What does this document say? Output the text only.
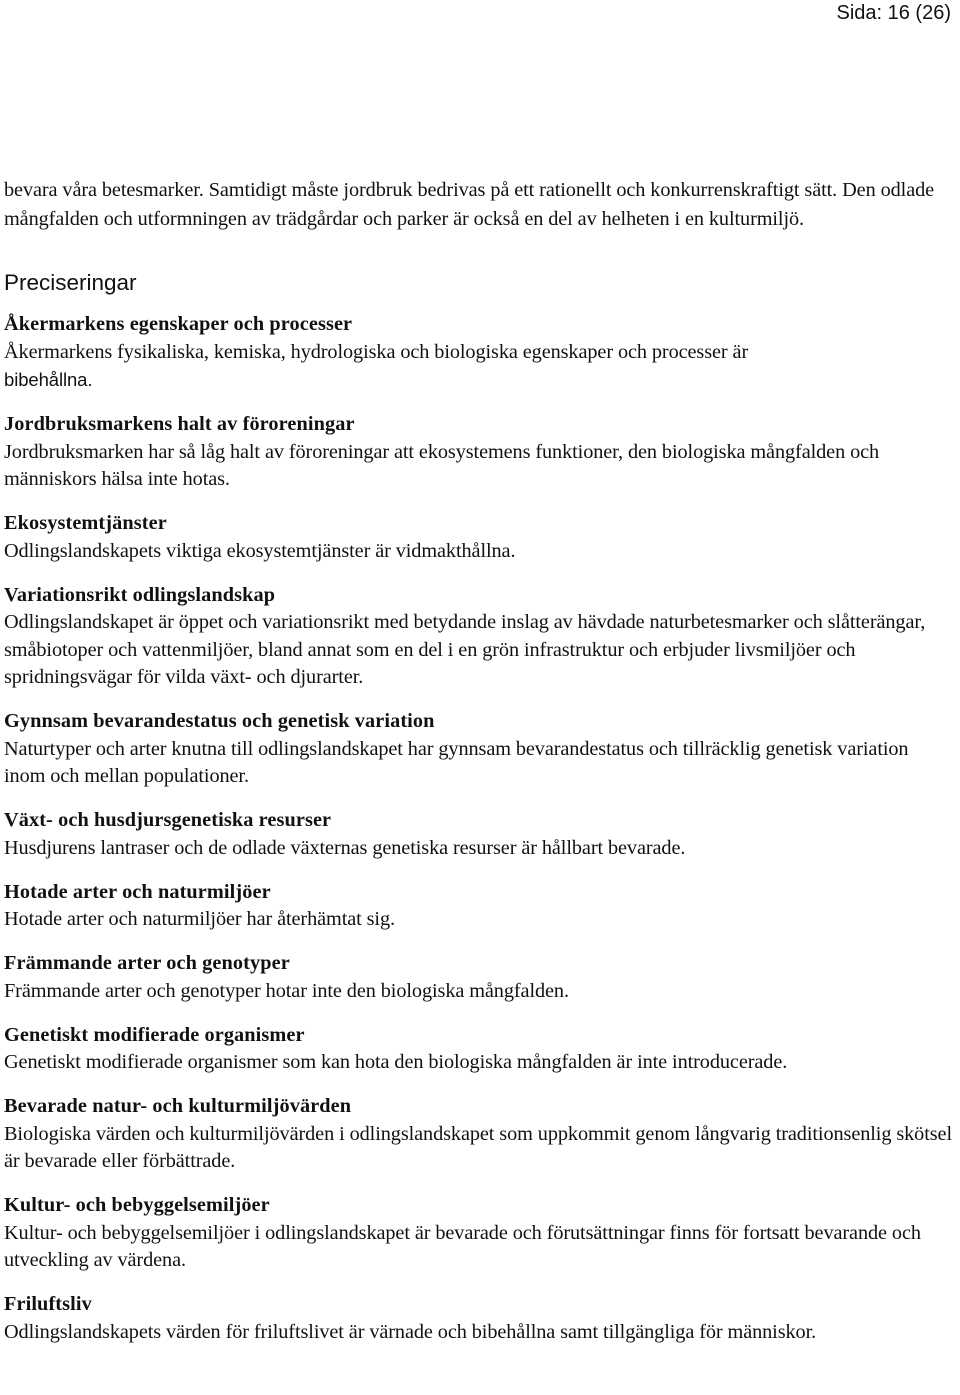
Sida: 16 (26)

bevara våra betesmarker. Samtidigt måste jordbruk bedrivas på ett rationellt och konkurrenskraftigt sätt. Den odlade mångfalden och utformningen av trädgårdar och parker är också en del av helheten i en kulturmiljö.

Preciseringar
Åkermarkens egenskaper och processer
Åkermarkens fysikaliska, kemiska, hydrologiska och biologiska egenskaper och processer är
bibehållna.
Jordbruksmarkens halt av föroreningar
Jordbruksmarken har så låg halt av föroreningar att ekosystemens funktioner, den biologiska mångfalden och människors hälsa inte hotas.
Ekosystemtjänster
Odlingslandskapets viktiga ekosystemtjänster är vidmakthållna.
Variationsrikt odlingslandskap
Odlingslandskapet är öppet och variationsrikt med betydande inslag av hävdade naturbetesmarker och slåtterängar, småbiotoper och vattenmiljöer, bland annat som en del i en grön infrastruktur och erbjuder livsmiljöer och spridningsvägar för vilda växt- och djurarter.
Gynnsam bevarandestatus och genetisk variation
Naturtyper och arter knutna till odlingslandskapet har gynnsam bevarandestatus och tillräcklig genetisk variation inom och mellan populationer.
Växt- och husdjursgenetiska resurser
Husdjurens lantraser och de odlade växternas genetiska resurser är hållbart bevarade.
Hotade arter och naturmiljöer
Hotade arter och naturmiljöer har återhämtat sig.
Främmande arter och genotyper
Främmande arter och genotyper hotar inte den biologiska mångfalden.
Genetiskt modifierade organismer
Genetiskt modifierade organismer som kan hota den biologiska mångfalden är inte introducerade.
Bevarade natur- och kulturmiljövärden
Biologiska värden och kulturmiljövärden i odlingslandskapet som uppkommit genom långvarig traditionsenlig skötsel är bevarade eller förbättrade.
Kultur- och bebyggelsemiljöer
Kultur- och bebyggelsemiljöer i odlingslandskapet är bevarade och förutsättningar finns för fortsatt bevarande och utveckling av värdena.
Friluftsliv
Odlingslandskapets värden för friluftslivet är värnade och bibehållna samt tillgängliga för människor.
